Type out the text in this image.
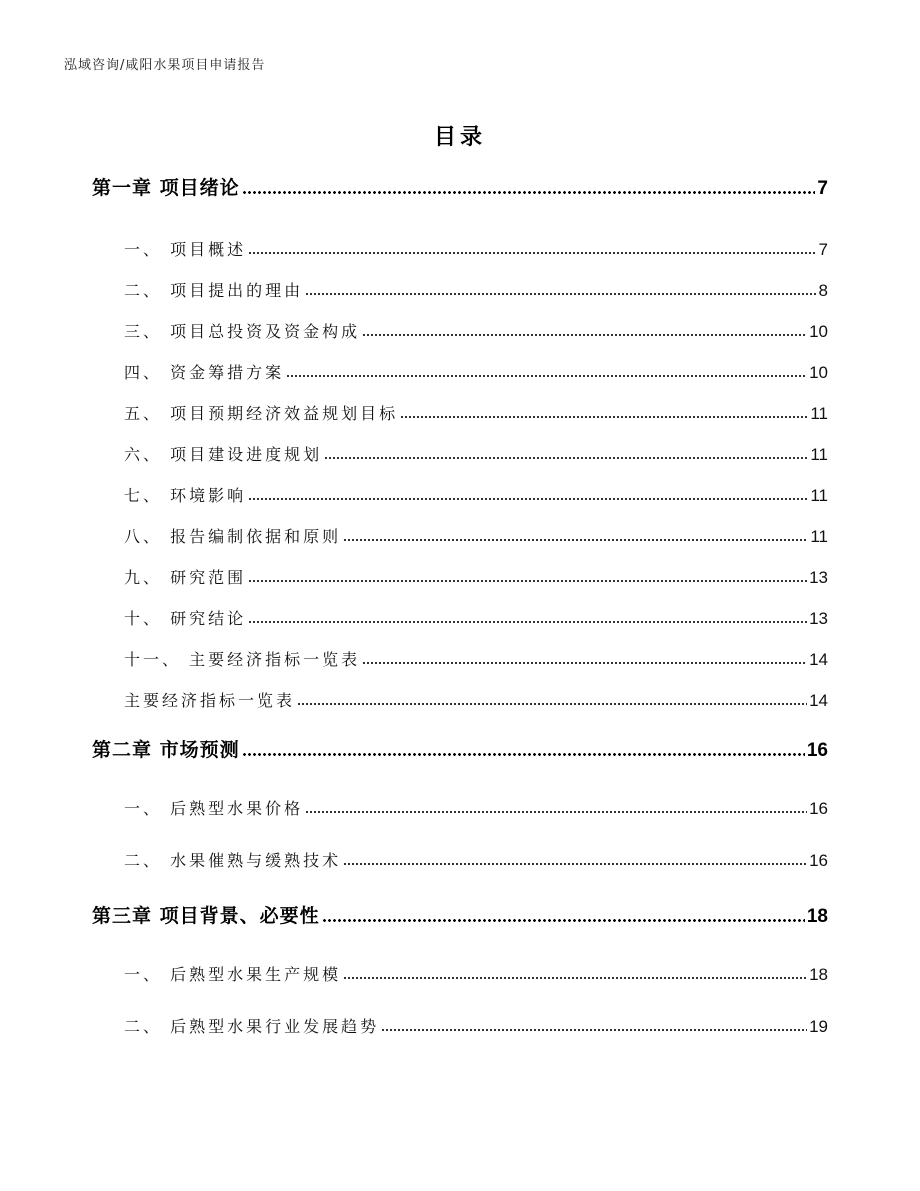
泓域咨询/咸阳水果项目申请报告
目录
第一章 项目绪论	7
一、 项目概述	7
二、 项目提出的理由	8
三、 项目总投资及资金构成	10
四、 资金筹措方案	10
五、 项目预期经济效益规划目标	11
六、 项目建设进度规划	11
七、 环境影响	11
八、 报告编制依据和原则	11
九、 研究范围	13
十、 研究结论	13
十一、 主要经济指标一览表	14
主要经济指标一览表	14
第二章 市场预测	16
一、 后熟型水果价格	16
二、 水果催熟与缓熟技术	16
第三章 项目背景、必要性	18
一、 后熟型水果生产规模	18
二、 后熟型水果行业发展趋势	19
